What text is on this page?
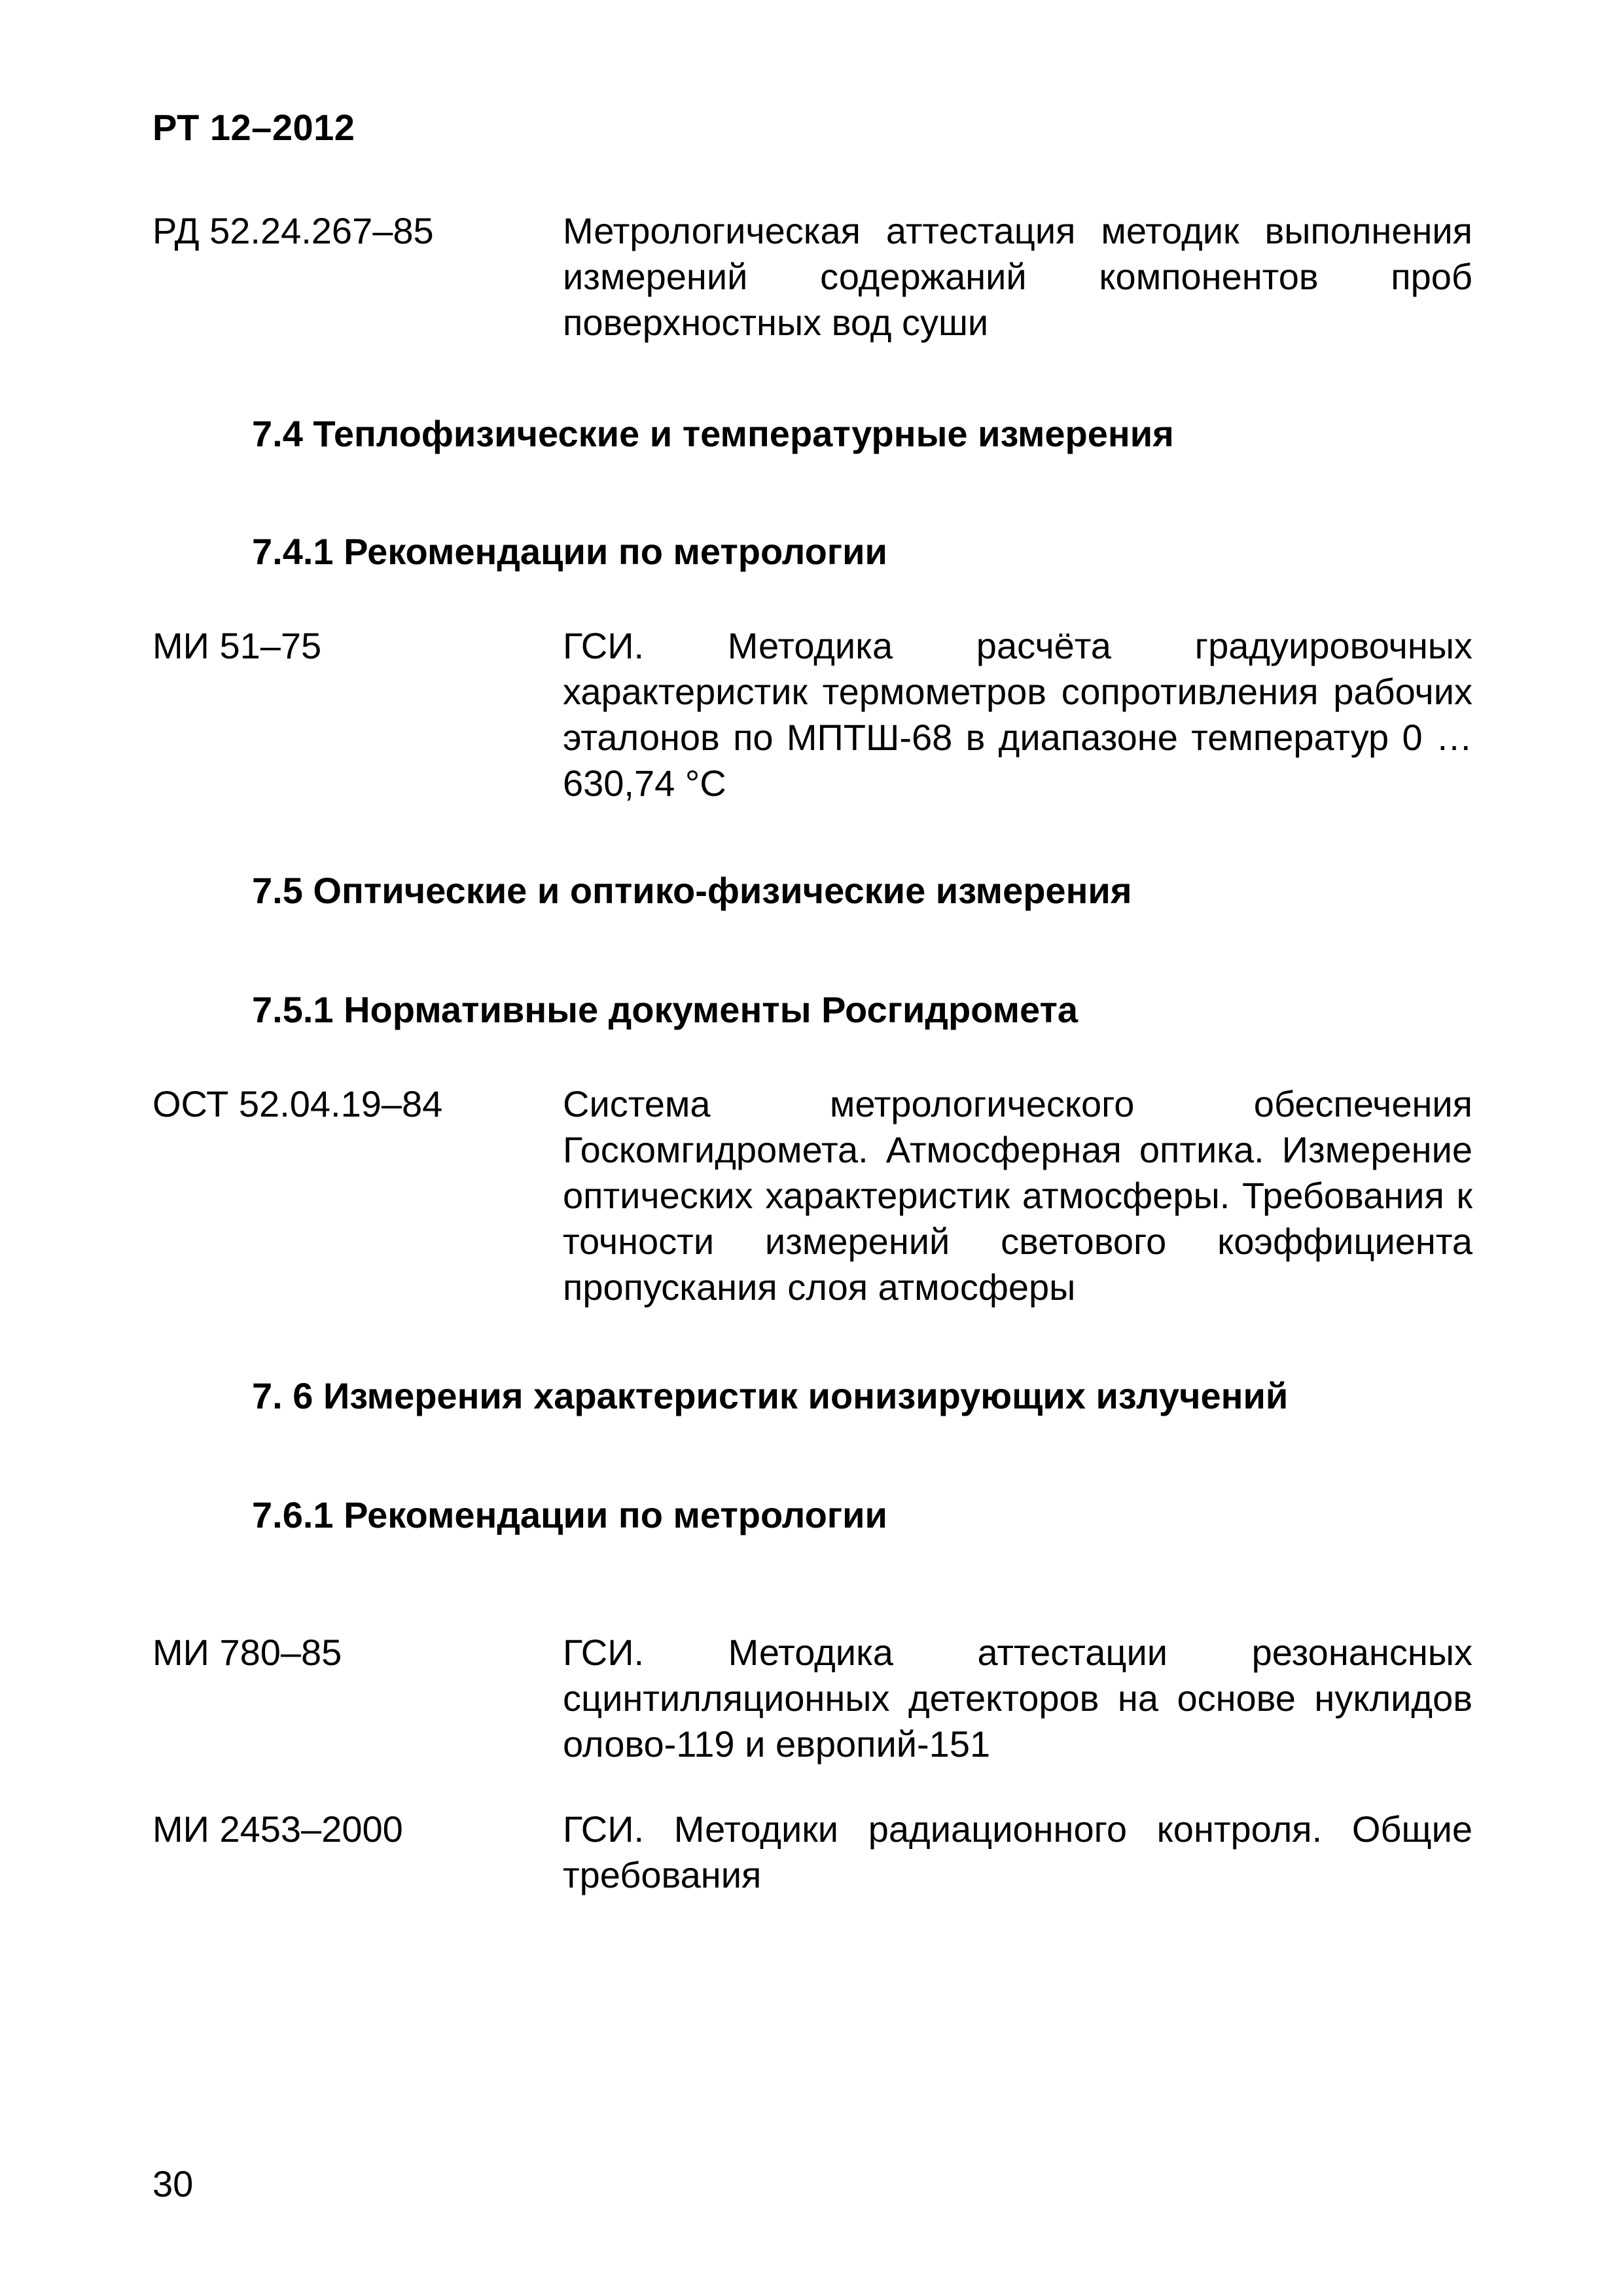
РТ 12–2012
РД 52.24.267–85	Метрологическая аттестация методик выполнения измерений содержаний компонентов проб поверхностных вод суши
7.4 Теплофизические и температурные измерения
7.4.1 Рекомендации по метрологии
МИ 51–75	ГСИ. Методика расчёта градуировочных характеристик термометров сопротивления рабочих эталонов по МПТШ-68 в диапазоне температур 0 … 630,74 °С
7.5 Оптические и оптико-физические измерения
7.5.1 Нормативные документы Росгидромета
ОСТ 52.04.19–84	Система метрологического обеспечения Госкомгидромета. Атмосферная оптика. Измерение оптических характеристик атмосферы. Требования к точности измерений светового коэффициента пропускания слоя атмосферы
7. 6 Измерения характеристик ионизирующих излучений
7.6.1 Рекомендации по метрологии
МИ 780–85	ГСИ. Методика аттестации резонансных сцинтилляционных детекторов на основе нуклидов олово-119 и европий-151
МИ 2453–2000	ГСИ. Методики радиационного контроля. Общие требования
30
